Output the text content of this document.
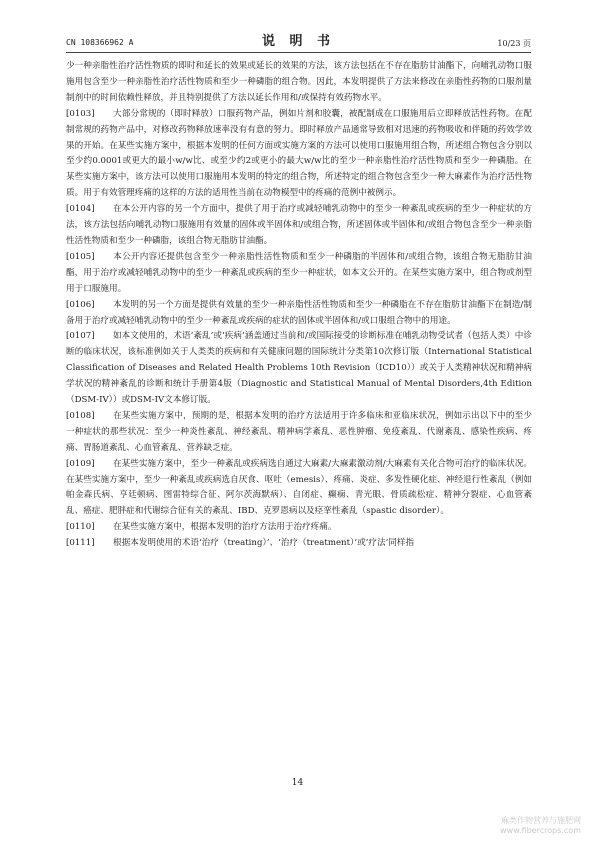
CN 108366962 A	说 明 书	10/23 页

少一种亲脂性治疗活性物质的即时和延长的效果或延长的效果的方法，该方法包括在不存在脂肪甘油酯下，向哺乳动物口服施用包含至少一种亲脂性治疗活性物质和至少一种磷脂的组合物。因此，本发明提供了方法来修改在亲脂性药物的口服剂量制剂中的时间依赖性释放，并且特别提供了方法以延长作用和/或保持有效药物水平。

[0103] 大部分常规的（即时释放）口服药物产品，例如片剂和胶囊，被配制成在口服施用后立即释放活性药物。在配制常规的药物产品中，对修改药物释放速率没有有意的努力。即时释放产品通常导致相对迅速的药物吸收和伴随的药效学效果的开始。在某些实施方案中，根据本发明的任何方面或实施方案的方法可以使用口服施用组合物，所述组合物包含分别以至少约0.0001或更大的最小w/w比、或至少约2或更小的最大w/w比的至少一种亲脂性治疗活性物质和至少一种磷脂。在某些实施方案中，该方法可以使用口服施用本发明的特定的组合物，所述特定的组合物包含至少一种大麻素作为治疗活性物质。用于有效管理疼痛的这样的方法的适用性当前在动物模型中的疼痛的范例中被例示。

[0104] 在本公开内容的另一个方面中，提供了用于治疗或减轻哺乳动物中的至少一种紊乱或疾病的至少一种症状的方法，该方法包括向哺乳动物口服施用有效量的固体或半固体和/或组合物，所述固体或半固体和/或组合物包含至少一种亲脂性活性物质和至少一种磷脂，该组合物无脂肪甘油酯。

[0105] 本公开内容还提供包含至少一种亲脂性活性物质和至少一种磷脂的半固体和/或组合物，该组合物无脂肪甘油酯，用于治疗或减轻哺乳动物中的至少一种紊乱或疾病的至少一种症状，如本文公开的。在某些实施方案中，组合物或剂型用于口服施用。

[0106] 本发明的另一个方面是提供有效量的至少一种亲脂性活性物质和至少一种磷脂在不存在脂肪甘油酯下在制造/制备用于治疗或减轻哺乳动物中的至少一种紊乱或疾病的症状的固体或半固体和/或口服组合物中的用途。

[0107] 如本文使用的，术语‘紊乱’或‘疾病’涵盖通过当前和/或国际接受的诊断标准在哺乳动物受试者（包括人类）中诊断的临床状况，该标准例如关于人类类的疾病和有关健康问题的国际统计分类第10次修订版（International Statistical Classification of Diseases and Related Health Problems 10th Revision（ICD10））或关于人类精神状况和精神病学状况的精神紊乱的诊断和统计手册第4版（Diagnostic and Statistical Manual of Mental Disorders,4th Edition（DSM-IV））或DSM-IV文本修订版。

[0108] 在某些实施方案中，预期的是，根据本发明的治疗方法适用于许多临床和亚临床状况，例如示出以下中的至少一种症状的那些状况：至少一种炎性紊乱、神经紊乱、精神病学紊乱、恶性肿瘤、免疫紊乱、代谢紊乱、感染性疾病、疼痛、胃肠道紊乱、心血管紊乱、营养缺乏症。

[0109] 在某些实施方案中，至少一种紊乱或疾病选自通过大麻素/大麻素激动剂/大麻素有关化合物可治疗的临床状况。在某些实施方案中，至少一种紊乱或疾病选自厌食、呕吐（emesis）、疼痛、炎症、多发性硬化症、神经退行性紊乱（例如帕金森氏病、亨廷顿病、图雷特综合征、阿尔茨海默病）、自闭症、癫痫、青光眼、骨质疏松症、精神分裂症、心血管紊乱、癌症、肥胖症和代谢综合征有关的紊乱、IBD、克罗恩病以及痉挛性紊乱（spastic disorder）。

[0110] 在某些实施方案中，根据本发明的治疗方法用于治疗疼痛。

[0111] 根据本发明使用的术语‘治疗（treating）’、‘治疗（treatment）’或‘疗法’同样指

14
麻类作物营养与施肥网
www.fibercrops.com
